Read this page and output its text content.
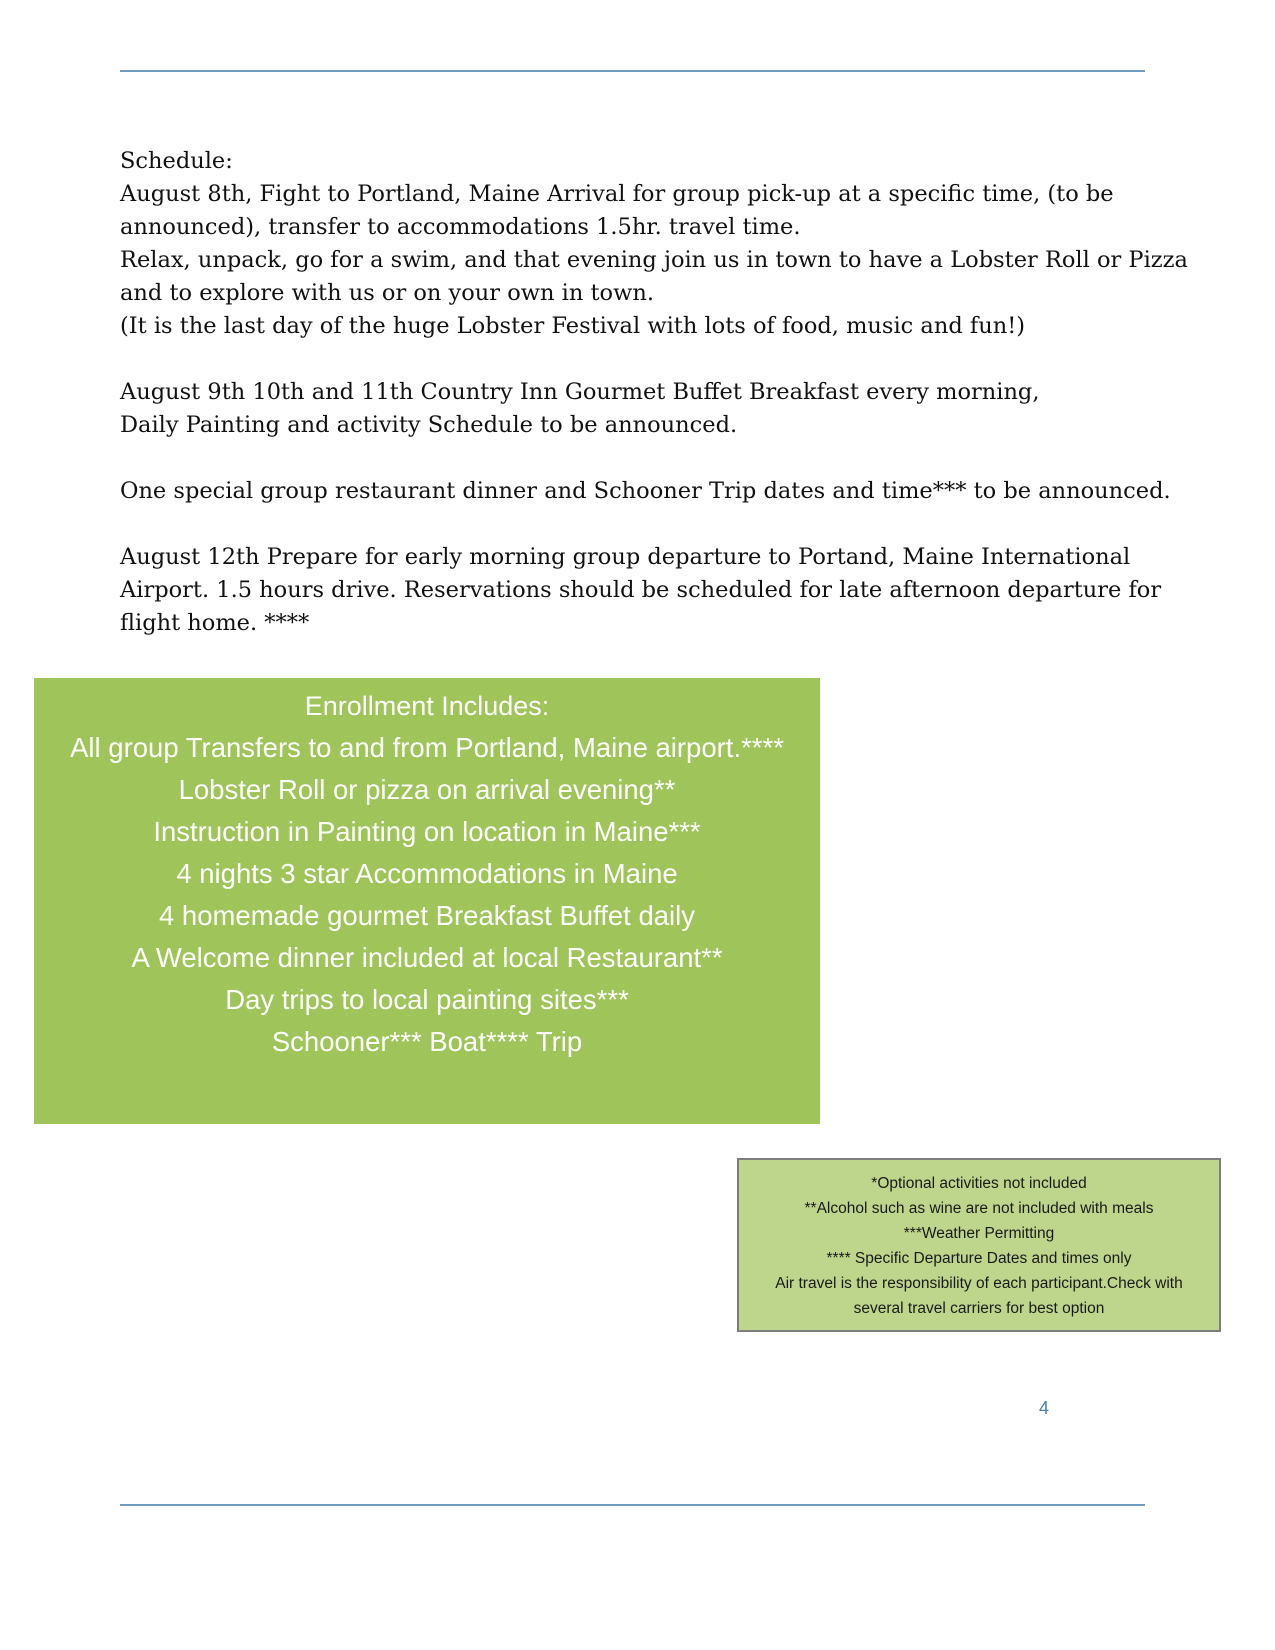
Schedule:
August 8th, Fight to Portland, Maine Arrival for group pick-up at a specific time, (to be
announced), transfer to accommodations 1.5hr. travel time.
Relax, unpack, go for a swim, and that evening join us in town to have a Lobster Roll or Pizza
and to explore with us or on your own in town.
(It is the last day of the huge Lobster Festival with lots of food, music and fun!)
August 9th 10th and 11th Country Inn Gourmet Buffet Breakfast every morning,
Daily Painting and activity Schedule to be announced.
One special group restaurant dinner and Schooner Trip dates and time*** to be announced.
August 12th Prepare for early morning group departure to Portand, Maine International
Airport. 1.5 hours drive. Reservations should be scheduled for late afternoon departure for
flight home. ****
Enrollment Includes:
All group Transfers to and from Portland, Maine airport.****
Lobster Roll or pizza on arrival evening**
Instruction in Painting on location in Maine***
4 nights 3 star Accommodations in Maine
4 homemade gourmet Breakfast Buffet daily
A Welcome dinner included at local Restaurant**
Day trips to local painting sites***
Schooner*** Boat**** Trip
*Optional activities not included
**Alcohol such as wine are not included with meals
***Weather Permitting
**** Specific Departure Dates and times only
Air travel is the responsibility of each participant.Check with
several travel carriers for best option
4
